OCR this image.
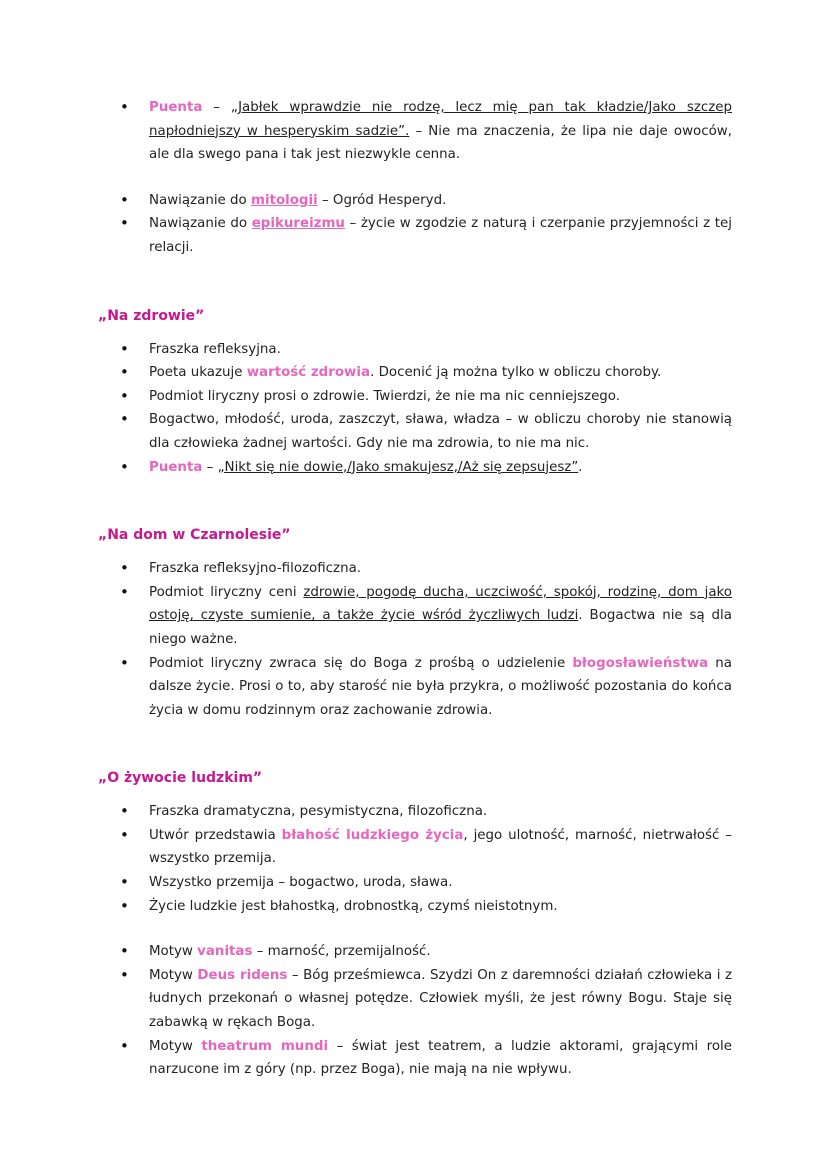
• Puenta – „Jabłek wprawdzie nie rodzę, lecz mię pan tak kładzie/Jako szczep napłodniejszy w hesperyskim sadzie”. – Nie ma znaczenia, że lipa nie daje owoców, ale dla swego pana i tak jest niezwykle cenna.
• Nawiązanie do mitologii – Ogród Hesperyd.
• Nawiązanie do epikureizmu – życie w zgodzie z naturą i czerpanie przyjemności z tej relacji.
„Na zdrowie”
• Fraszka refleksyjna.
• Poeta ukazuje wartość zdrowia. Docenić ją można tylko w obliczu choroby.
• Podmiot liryczny prosi o zdrowie. Twierdzi, że nie ma nic cenniejszego.
• Bogactwo, młodość, uroda, zaszczyt, sława, władza – w obliczu choroby nie stanowią dla człowieka żadnej wartości. Gdy nie ma zdrowia, to nie ma nic.
• Puenta – „Nikt się nie dowie,/Jako smakujesz,/Aż się zepsujesz”.
„Na dom w Czarnolesie”
• Fraszka refleksyjno-filozoficzna.
• Podmiot liryczny ceni zdrowie, pogodę ducha, uczciwość, spokój, rodzinę, dom jako ostoję, czyste sumienie, a także życie wśród życzliwych ludzi. Bogactwa nie są dla niego ważne.
• Podmiot liryczny zwraca się do Boga z prośbą o udzielenie błogosławieństwa na dalsze życie. Prosi o to, aby starość nie była przykra, o możliwość pozostania do końca życia w domu rodzinnym oraz zachowanie zdrowia.
„O żywocie ludzkim”
• Fraszka dramatyczna, pesymistyczna, filozoficzna.
• Utwór przedstawia błahość ludzkiego życia, jego ulotność, marność, nietrwałość – wszystko przemija.
• Wszystko przemija – bogactwo, uroda, sława.
• Życie ludzkie jest błahostką, drobnostką, czymś nieistotnym.
• Motyw vanitas – marność, przemijalność.
• Motyw Deus ridens – Bóg prześmiewca. Szydzi On z daremności działań człowieka i z łudnych przekonań o własnej potędze. Człowiek myśli, że jest równy Bogu. Staje się zabawką w rękach Boga.
• Motyw theatrum mundi – świat jest teatrem, a ludzie aktorami, grającymi role narzucone im z góry (np. przez Boga), nie mają na nie wpływu.
